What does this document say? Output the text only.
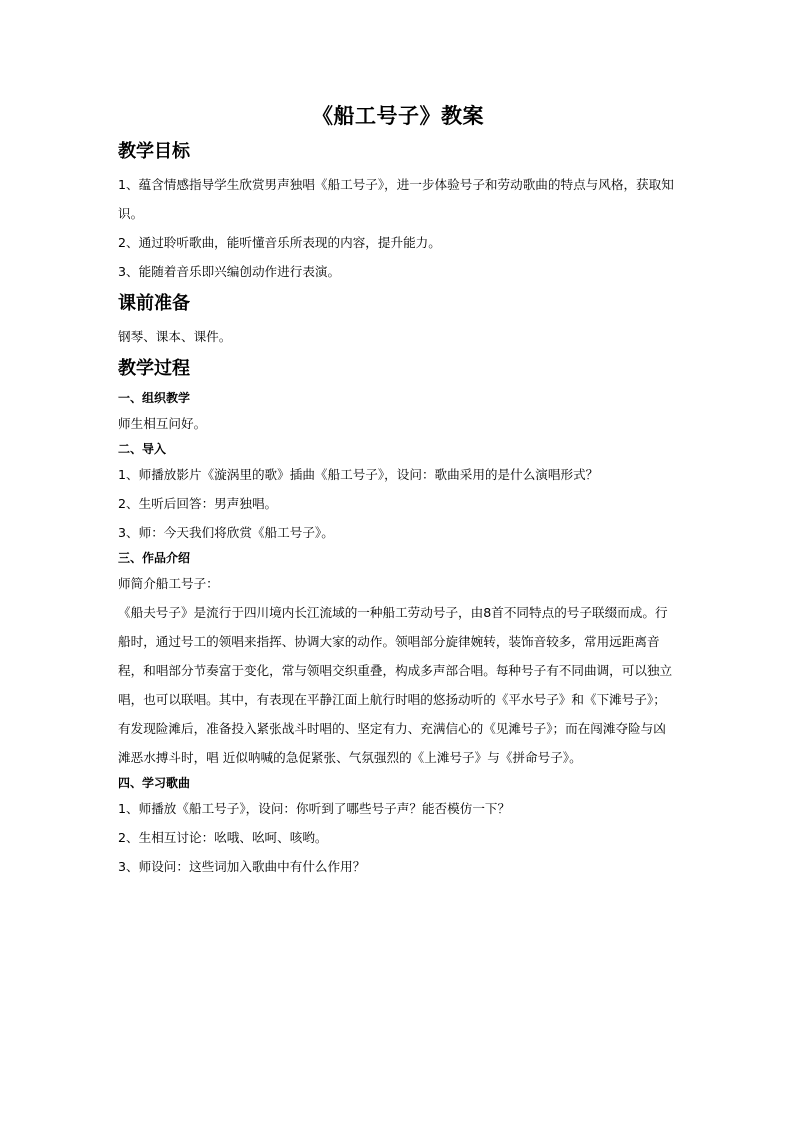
《船工号子》教案
教学目标

1、蕴含情感指导学生欣赏男声独唱《船工号子》，进一步体验号子和劳动歌曲的特点与风格，获取知识。

2、通过聆听歌曲，能听懂音乐所表现的内容，提升能力。

3、能随着音乐即兴编创动作进行表演。

课前准备

钢琴、课本、课件。

教学过程
一、组织教学

师生相互问好。

二、导入

1、师播放影片《漩涡里的歌》插曲《船工号子》，设问：歌曲采用的是什么演唱形式？

2、生听后回答：男声独唱。

3、师：今天我们将欣赏《船工号子》。

三、作品介绍

师简介船工号子：

《船夫号子》是流行于四川境内长江流域的一种船工劳动号子，由8首不同特点的号子联缀而成。行船时，通过号工的领唱来指挥、协调大家的动作。领唱部分旋律婉转，装饰音较多，常用远距离音程，和唱部分节奏富于变化，常与领唱交织重叠，构成多声部合唱。每种号子有不同曲调，可以独立唱，也可以联唱。其中，有表现在平静江面上航行时唱的悠扬动听的《平水号子》和《下滩号子》；有发现险滩后，准备投入紧张战斗时唱的、坚定有力、充满信心的《见滩号子》；而在闯滩夺险与凶滩恶水搏斗时，唱 近似呐喊的急促紧张、气氛强烈的《上滩号子》与《拼命号子》。

四、学习歌曲

1、师播放《船工号子》，设问：你听到了哪些号子声？能否模仿一下？

2、生相互讨论：吆哦、吆呵、咳哟。

3、师设问：这些词加入歌曲中有什么作用？
